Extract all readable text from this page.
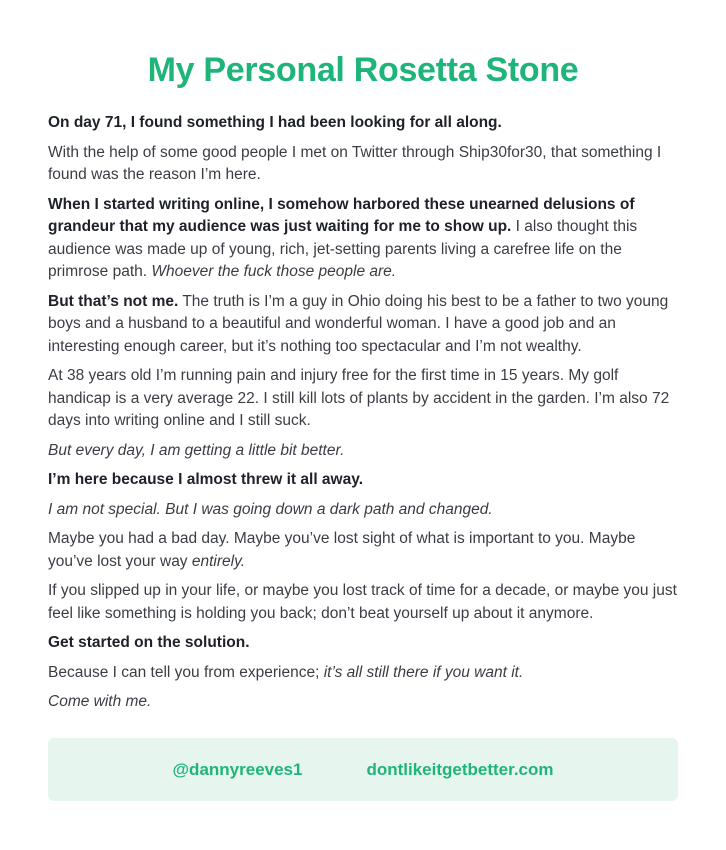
My Personal Rosetta Stone

On day 71, I found something I had been looking for all along.

With the help of some good people I met on Twitter through Ship30for30, that something I found was the reason I’m here.

When I started writing online, I somehow harbored these unearned delusions of grandeur that my audience was just waiting for me to show up. I also thought this audience was made up of young, rich, jet-setting parents living a carefree life on the primrose path. Whoever the fuck those people are.

But that’s not me. The truth is I’m a guy in Ohio doing his best to be a father to two young boys and a husband to a beautiful and wonderful woman. I have a good job and an interesting enough career, but it’s nothing too spectacular and I’m not wealthy.

At 38 years old I’m running pain and injury free for the first time in 15 years. My golf handicap is a very average 22. I still kill lots of plants by accident in the garden. I’m also 72 days into writing online and I still suck.

But every day, I am getting a little bit better.

I’m here because I almost threw it all away.

I am not special. But I was going down a dark path and changed.

Maybe you had a bad day. Maybe you’ve lost sight of what is important to you. Maybe you’ve lost your way entirely.

If you slipped up in your life, or maybe you lost track of time for a decade, or maybe you just feel like something is holding you back; don’t beat yourself up about it anymore.

Get started on the solution.

Because I can tell you from experience; it’s all still there if you want it.

Come with me.

@dannyreeves1	dontlikeitgetbetter.com
